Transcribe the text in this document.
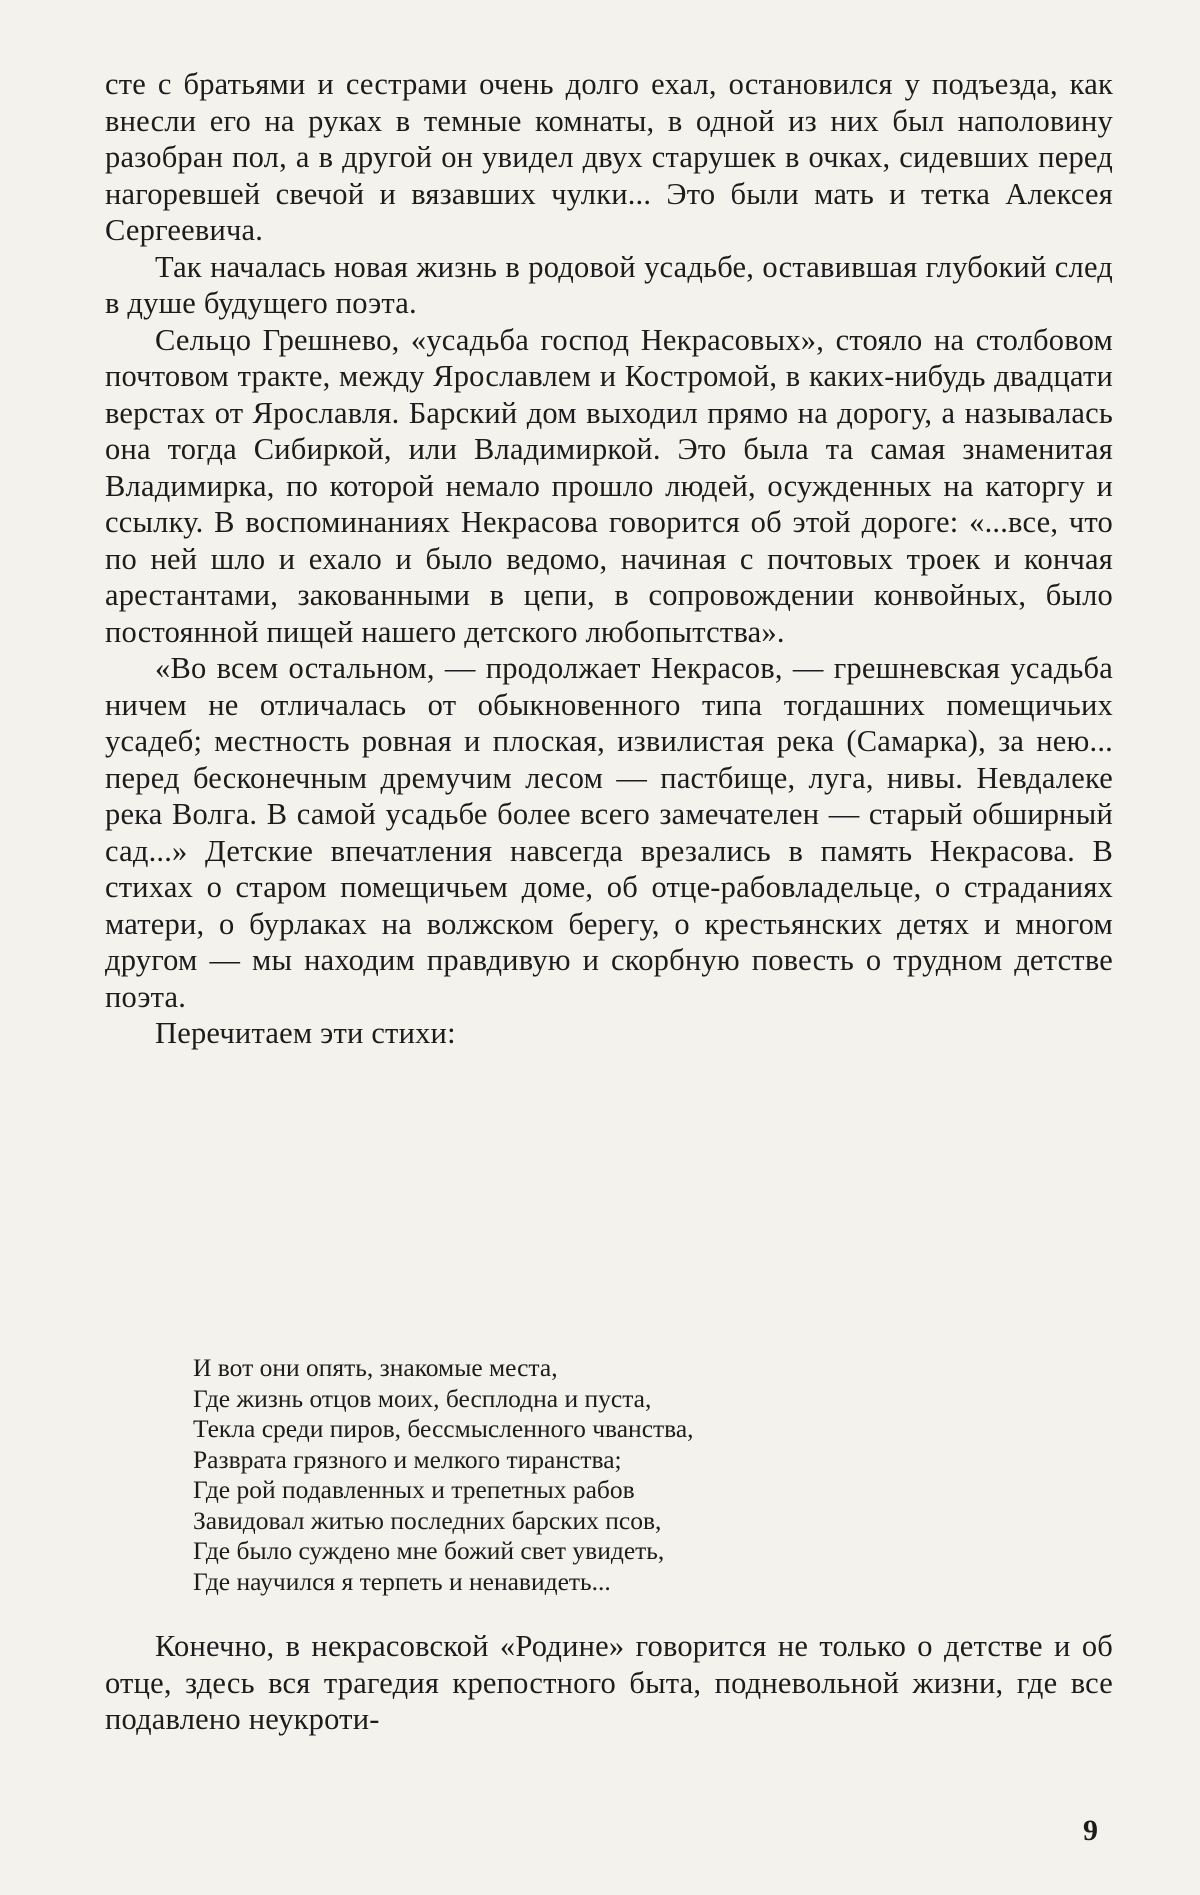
сте с братьями и сестрами очень долго ехал, остановился у подъезда, как внесли его на руках в темные комнаты, в одной из них был наполовину разобран пол, а в другой он увидел двух старушек в очках, сидевших перед нагоревшей свечой и вязавших чулки... Это были мать и тетка Алексея Сергеевича.

Так началась новая жизнь в родовой усадьбе, оставившая глубокий след в душе будущего поэта.

Сельцо Грешнево, «усадьба господ Некрасовых», стояло на столбовом почтовом тракте, между Ярославлем и Костромой, в каких-нибудь двадцати верстах от Ярославля. Барский дом выходил прямо на дорогу, а называлась она тогда Сибиркой, или Владимиркой. Это была та самая знаменитая Владимирка, по которой немало прошло людей, осужденных на каторгу и ссылку. В воспоминаниях Некрасова говорится об этой дороге: «...все, что по ней шло и ехало и было ведомо, начиная с почтовых троек и кончая арестантами, закованными в цепи, в сопровождении конвойных, было постоянной пищей нашего детского любопытства».

«Во всем остальном, — продолжает Некрасов, — грешневская усадьба ничем не отличалась от обыкновенного типа тогдашних помещичьих усадеб; местность ровная и плоская, извилистая река (Самарка), за нею... перед бесконечным дремучим лесом — пастбище, луга, нивы. Невдалеке река Волга. В самой усадьбе более всего замечателен — старый обширный сад...» Детские впечатления навсегда врезались в память Некрасова. В стихах о старом помещичьем доме, об отце-рабовладельце, о страданиях матери, о бурлаках на волжском берегу, о крестьянских детях и многом другом — мы находим правдивую и скорбную повесть о трудном детстве поэта.

Перечитаем эти стихи:

И вот они опять, знакомые места,
Где жизнь отцов моих, бесплодна и пуста,
Текла среди пиров, бессмысленного чванства,
Разврата грязного и мелкого тиранства;
Где рой подавленных и трепетных рабов
Завидовал житью последних барских псов,
Где было суждено мне божий свет увидеть,
Где научился я терпеть и ненавидеть...

Конечно, в некрасовской «Родине» говорится не только о детстве и об отце, здесь вся трагедия крепостного быта, подневольной жизни, где все подавлено неукроти-

9
